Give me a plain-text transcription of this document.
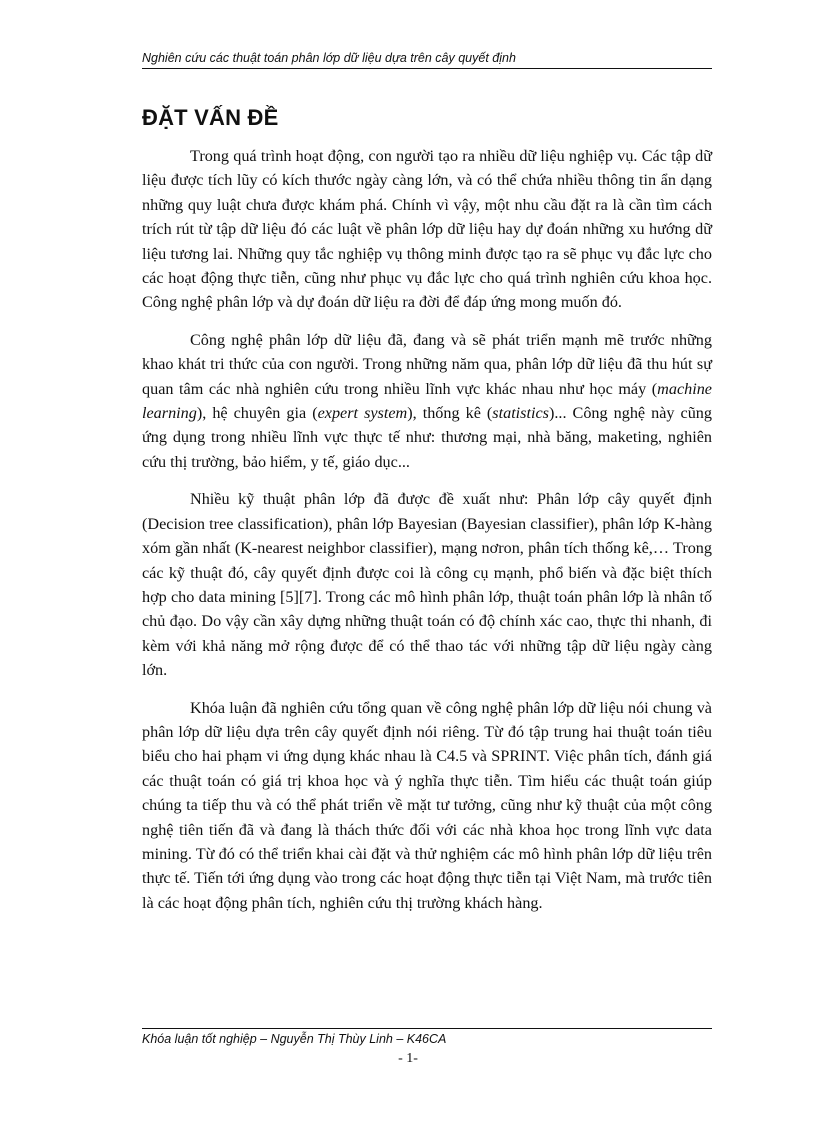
Nghiên cứu các thuật toán phân lớp dữ liệu dựa trên cây quyết định
ĐẶT VẤN ĐỀ

Trong quá trình hoạt động, con người tạo ra nhiều dữ liệu nghiệp vụ. Các tập dữ liệu được tích lũy có kích thước ngày càng lớn, và có thể chứa nhiều thông tin ẩn dạng những quy luật chưa được khám phá. Chính vì vậy, một nhu cầu đặt ra là cần tìm cách trích rút từ tập dữ liệu đó các luật về phân lớp dữ liệu hay dự đoán những xu hướng dữ liệu tương lai. Những quy tắc nghiệp vụ thông minh được tạo ra sẽ phục vụ đắc lực cho các hoạt động thực tiễn, cũng như phục vụ đắc lực cho quá trình nghiên cứu khoa học. Công nghệ phân lớp và dự đoán dữ liệu ra đời để đáp ứng mong muốn đó.

Công nghệ phân lớp dữ liệu đã, đang và sẽ phát triển mạnh mẽ trước những khao khát tri thức của con người. Trong những năm qua, phân lớp dữ liệu đã thu hút sự quan tâm các nhà nghiên cứu trong nhiều lĩnh vực khác nhau như học máy (machine learning), hệ chuyên gia (expert system), thống kê (statistics)... Công nghệ này cũng ứng dụng trong nhiều lĩnh vực thực tế như: thương mại, nhà băng, maketing, nghiên cứu thị trường, bảo hiểm, y tế, giáo dục...

Nhiều kỹ thuật phân lớp đã được đề xuất như: Phân lớp cây quyết định (Decision tree classification), phân lớp Bayesian (Bayesian classifier), phân lớp K-hàng xóm gần nhất (K-nearest neighbor classifier), mạng nơron, phân tích thống kê,… Trong các kỹ thuật đó, cây quyết định được coi là công cụ mạnh, phổ biến và đặc biệt thích hợp cho data mining [5][7]. Trong các mô hình phân lớp, thuật toán phân lớp là nhân tố chủ đạo. Do vậy cần xây dựng những thuật toán có độ chính xác cao, thực thi nhanh, đi kèm với khả năng mở rộng được để có thể thao tác với những tập dữ liệu ngày càng lớn.

Khóa luận đã nghiên cứu tổng quan về công nghệ phân lớp dữ liệu nói chung và phân lớp dữ liệu dựa trên cây quyết định nói riêng. Từ đó tập trung hai thuật toán tiêu biểu cho hai phạm vi ứng dụng khác nhau là C4.5 và SPRINT. Việc phân tích, đánh giá các thuật toán có giá trị khoa học và ý nghĩa thực tiễn. Tìm hiểu các thuật toán giúp chúng ta tiếp thu và có thể phát triển về mặt tư tưởng, cũng như kỹ thuật của một công nghệ tiên tiến đã và đang là thách thức đối với các nhà khoa học trong lĩnh vực data mining. Từ đó có thể triển khai cài đặt và thử nghiệm các mô hình phân lớp dữ liệu trên thực tế. Tiến tới ứng dụng vào trong các hoạt động thực tiễn tại Việt Nam, mà trước tiên là các hoạt động phân tích, nghiên cứu thị trường khách hàng.

Khóa luận tốt nghiệp – Nguyễn Thị Thùy Linh – K46CA
- 1-
